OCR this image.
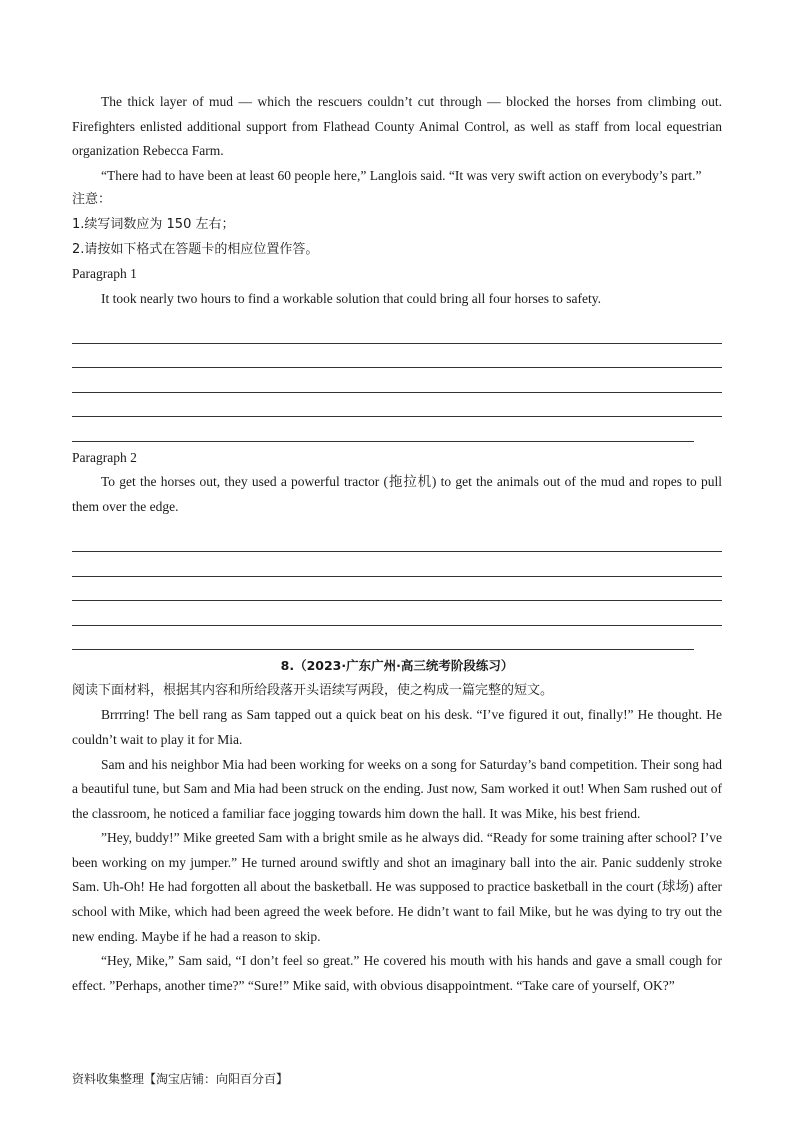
The thick layer of mud — which the rescuers couldn’t cut through — blocked the horses from climbing out. Firefighters enlisted additional support from Flathead County Animal Control, as well as staff from local equestrian organization Rebecca Farm.

“There had to have been at least 60 people here,” Langlois said. “It was very swift action on everybody’s part.”

注意：

1.续写词数应为 150 左右；

2.请按如下格式在答题卡的相应位置作答。

Paragraph 1

It took nearly two hours to find a workable solution that could bring all four horses to safety.

Paragraph 2

To get the horses out, they used a powerful tractor (拖拉机) to get the animals out of the mud and ropes to pull them over the edge.

8.（2023·广东广州·高三统考阶段练习）

阅读下面材料，根据其内容和所给段落开头语续写两段，使之构成一篇完整的短文。

Brrrring! The bell rang as Sam tapped out a quick beat on his desk. “I’ve figured it out, finally!” He thought. He couldn’t wait to play it for Mia.

Sam and his neighbor Mia had been working for weeks on a song for Saturday’s band competition. Their song had a beautiful tune, but Sam and Mia had been struck on the ending. Just now, Sam worked it out! When Sam rushed out of the classroom, he noticed a familiar face jogging towards him down the hall. It was Mike, his best friend.

”Hey, buddy!” Mike greeted Sam with a bright smile as he always did. “Ready for some training after school? I’ve been working on my jumper.” He turned around swiftly and shot an imaginary ball into the air. Panic suddenly stroke Sam. Uh-Oh! He had forgotten all about the basketball. He was supposed to practice basketball in the court (球场) after school with Mike, which had been agreed the week before. He didn’t want to fail Mike, but he was dying to try out the new ending. Maybe if he had a reason to skip.

“Hey, Mike,” Sam said, “I don’t feel so great.” He covered his mouth with his hands and gave a small cough for effect. ”Perhaps, another time?” “Sure!” Mike said, with obvious disappointment. “Take care of yourself, OK?”

资料收集整理【淘宝店铺：向阳百分百】
